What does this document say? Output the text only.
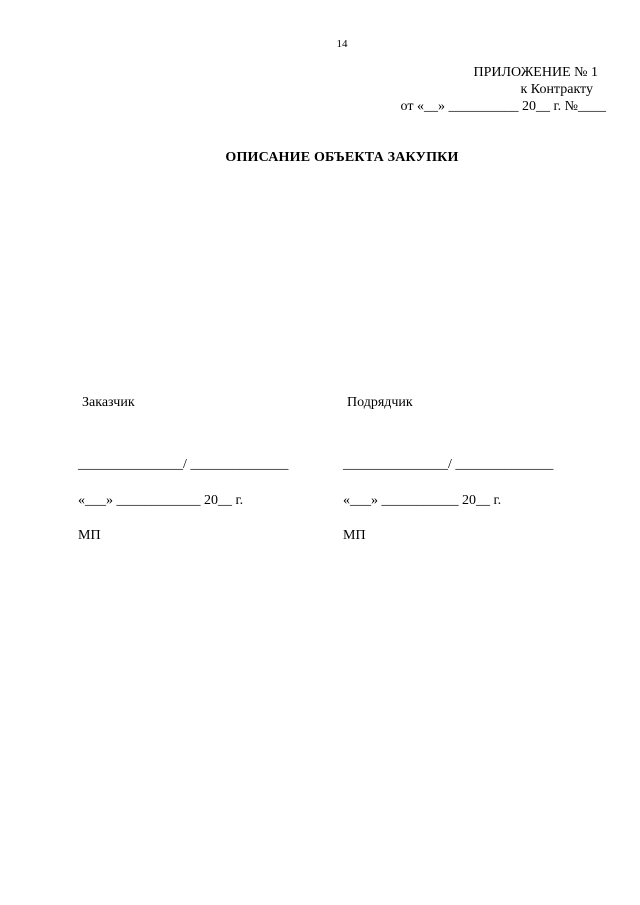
14
ПРИЛОЖЕНИЕ № 1
к Контракту
от «__» __________ 20__ г. №____
ОПИСАНИЕ ОБЪЕКТА ЗАКУПКИ
Заказчик
_______________/ ______________
«___» ____________ 20__ г.
МП
Подрядчик
_______________/ ______________
«___» ___________ 20__ г.
МП
